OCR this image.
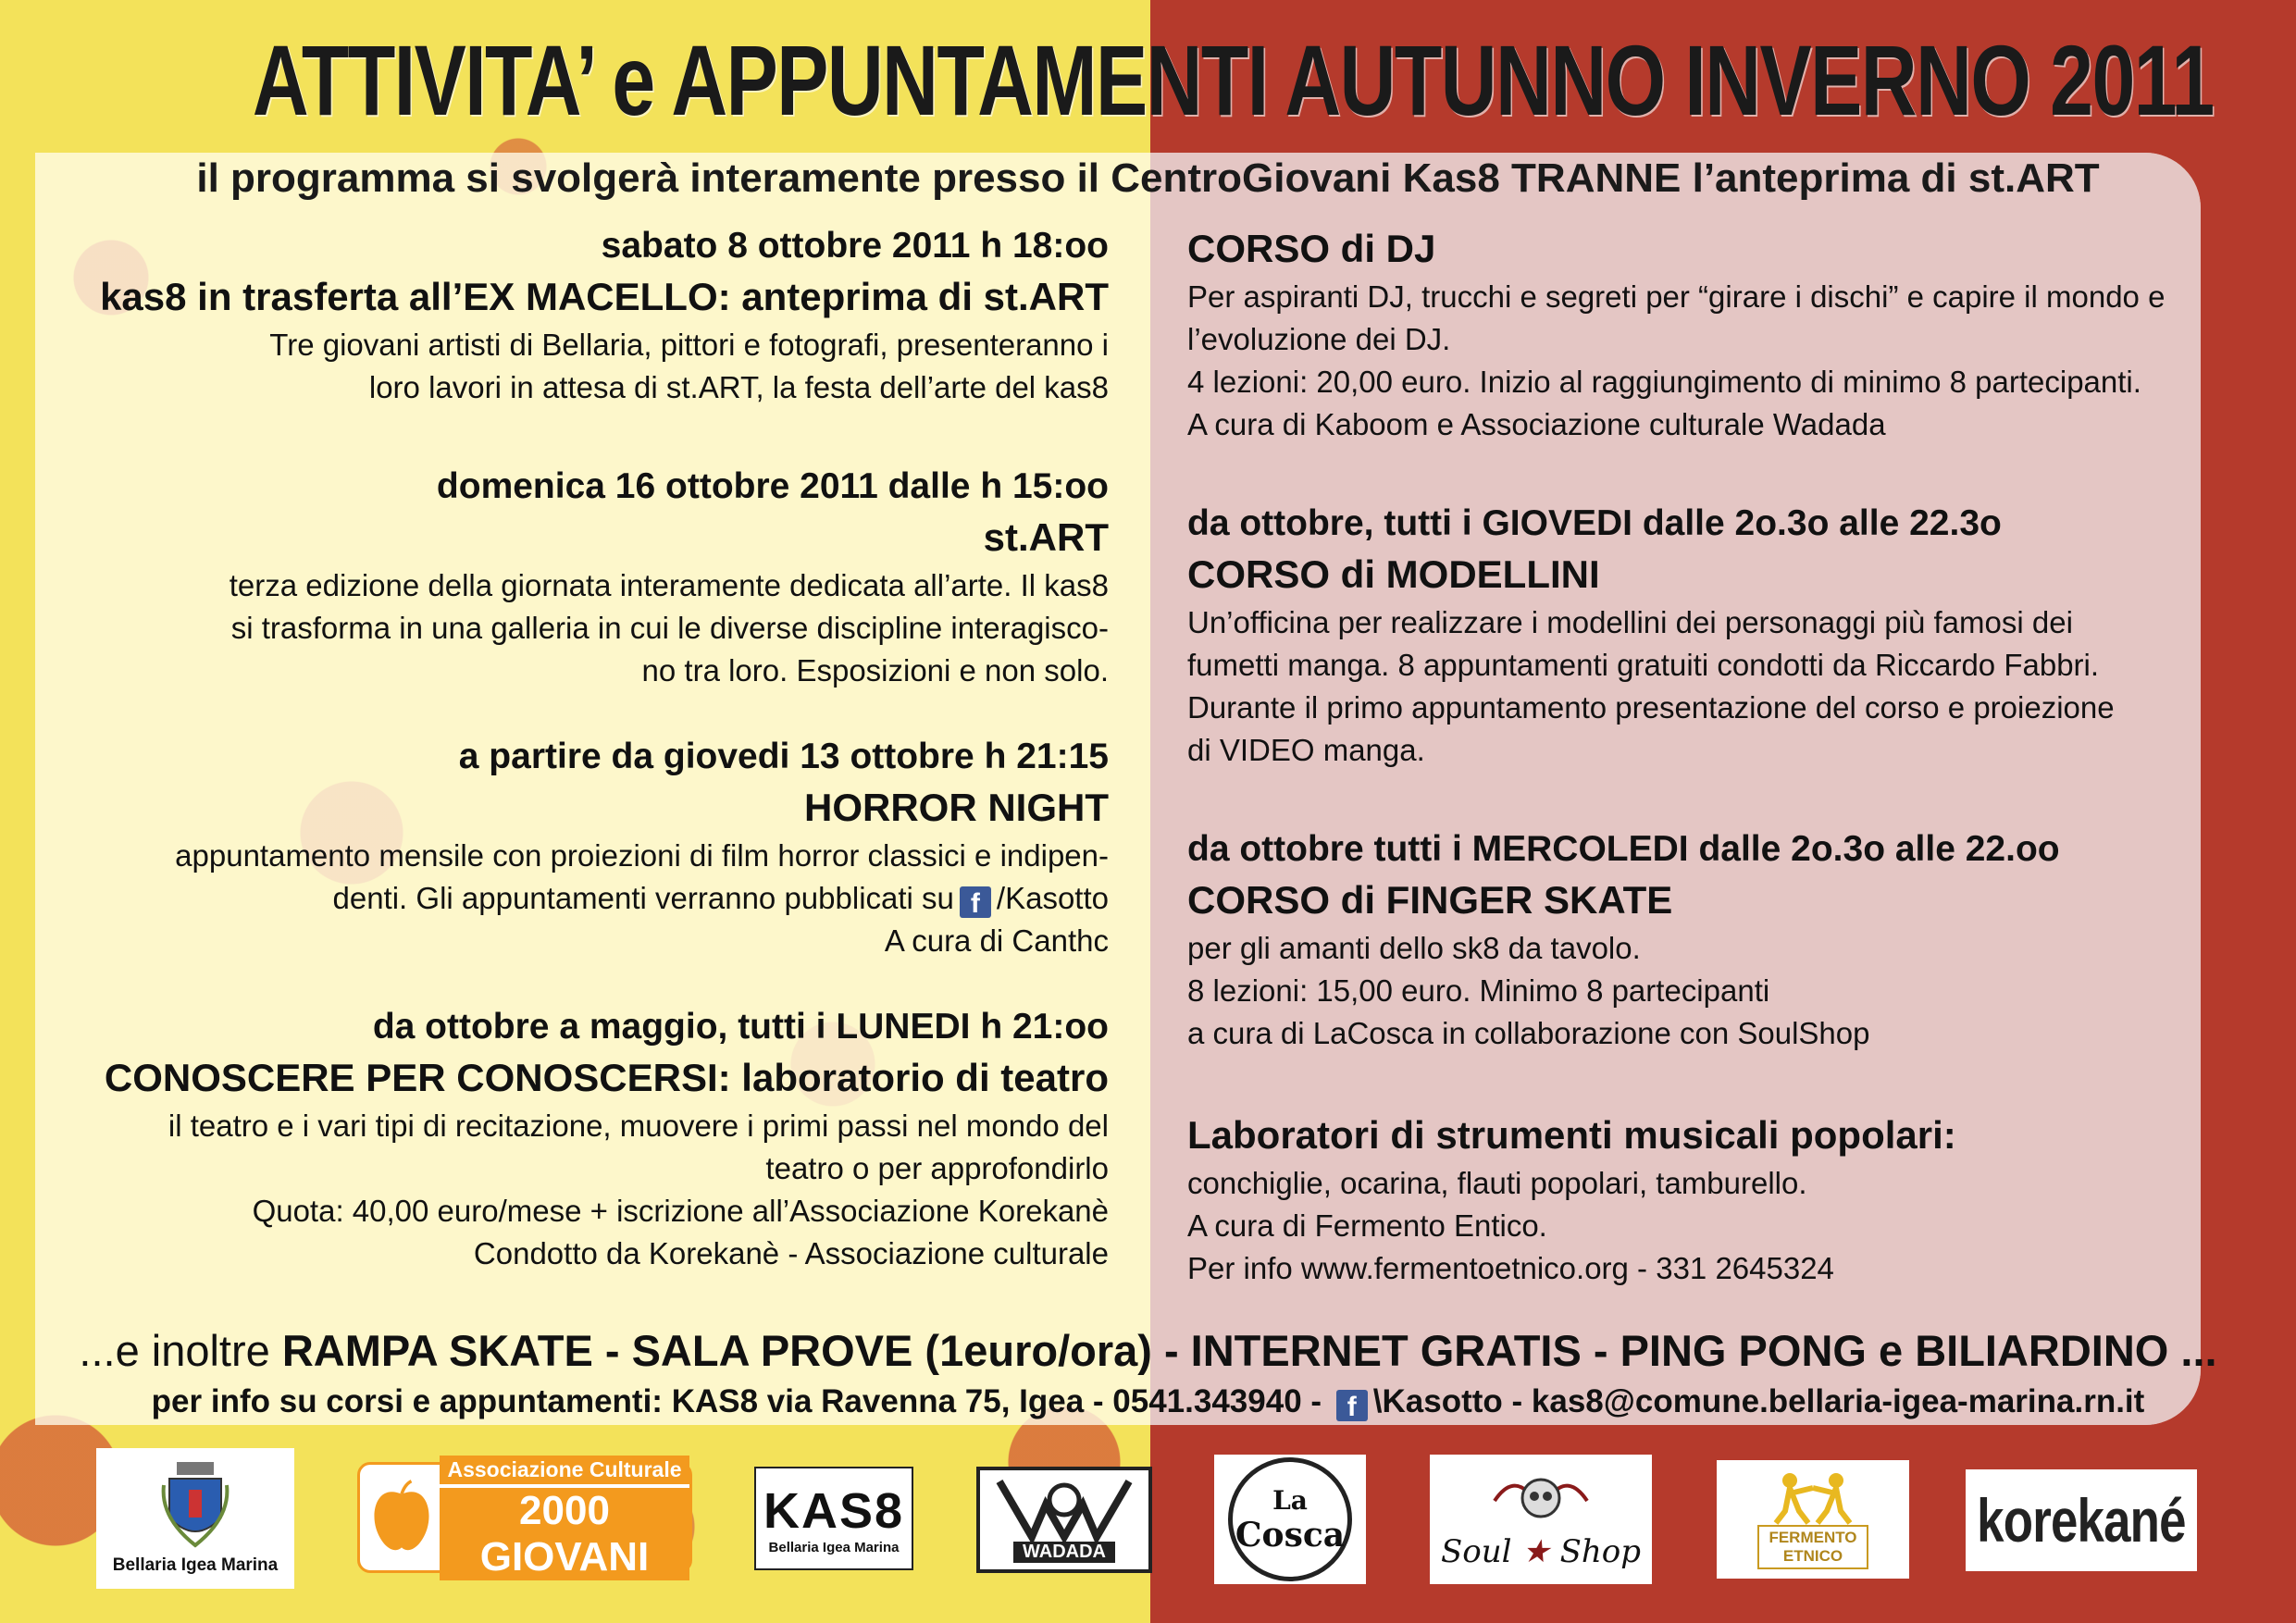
ATTIVITA’ e APPUNTAMENTI AUTUNNO INVERNO 2011
il programma si svolgerà interamente presso il CentroGiovani Kas8 TRANNE l’anteprima di st.ART

sabato 8 ottobre 2011 h 18:oo

kas8 in trasferta all’EX MACELLO: anteprima di st.ART

Tre giovani artisti di Bellaria, pittori e fotografi, presenteranno i

loro lavori in attesa di st.ART, la festa dell’arte del kas8

domenica 16 ottobre 2011 dalle h 15:oo

st.ART

terza edizione della giornata interamente dedicata all’arte. Il kas8

si trasforma in una galleria in cui le diverse discipline interagisco-

no tra loro. Esposizioni e non solo.

a partire da giovedi 13 ottobre h 21:15

HORROR NIGHT

appuntamento mensile con proiezioni di film horror classici e indipen-

denti. Gli appuntamenti verranno pubblicati su f /Kasotto

A cura di Canthc

da ottobre a maggio, tutti i LUNEDI h 21:oo

CONOSCERE PER CONOSCERSI: laboratorio di teatro

il teatro e i vari tipi di recitazione, muovere i primi passi nel mondo del

teatro o per approfondirlo

Quota: 40,00 euro/mese + iscrizione all’Associazione Korekanè

Condotto da Korekanè - Associazione culturale

CORSO di DJ

Per aspiranti DJ, trucchi e segreti per “girare i dischi” e capire il mondo e

l’evoluzione dei DJ.

4 lezioni: 20,00 euro. Inizio al raggiungimento di minimo 8 partecipanti.

A cura di Kaboom e Associazione culturale Wadada

da ottobre, tutti i GIOVEDI dalle 2o.3o alle 22.3o

CORSO di MODELLINI

Un’officina per realizzare i modellini dei personaggi più famosi dei

fumetti manga. 8 appuntamenti gratuiti condotti da Riccardo Fabbri.

Durante il primo appuntamento presentazione del corso e proiezione

di VIDEO manga.

da ottobre tutti i MERCOLEDI dalle 2o.3o alle 22.oo

CORSO di FINGER SKATE

per gli amanti dello sk8 da tavolo.

8 lezioni: 15,00 euro. Minimo 8 partecipanti

a cura di LaCosca in collaborazione con SoulShop

Laboratori di strumenti musicali popolari:

conchiglie, ocarina, flauti popolari, tamburello.

A cura di Fermento Entico.

Per info www.fermentoetnico.org - 331 2645324

...e inoltre RAMPA SKATE - SALA PROVE (1euro/ora) - INTERNET GRATIS - PING PONG e BILIARDINO ...
per info su corsi e appuntamenti: KAS8 via Ravenna 75, Igea - 0541.343940 - f \Kasotto - kas8@comune.bellaria-igea-marina.rn.it
Bellaria Igea Marina
Associazione Culturale
2000 GIOVANI
KAS8
Bellaria Igea Marina	WADADA
La
Cosca	Soul ★ Shop	FERMENTO
ETNICO
korekané
